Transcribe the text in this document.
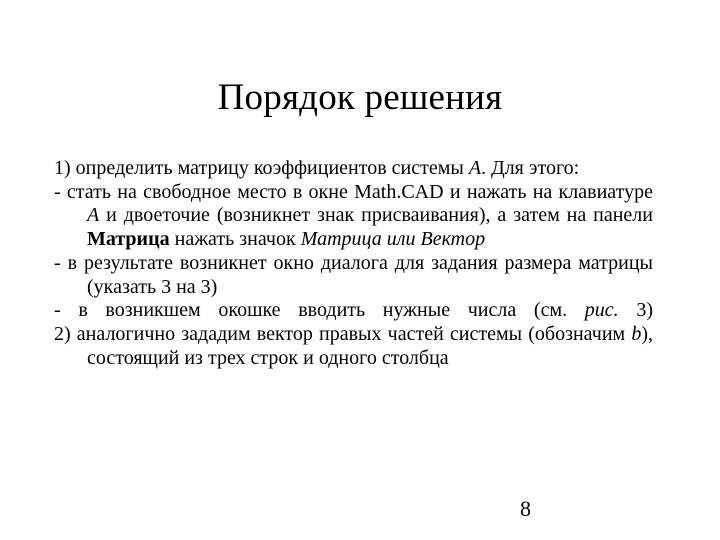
Порядок решения

1) определить матрицу коэффициентов системы A. Для этого:

- стать на свободное место в окне Math.CAD и нажать на клавиатуре А и двоеточие (возникнет знак присваивания), а затем на панели Матрица нажать значок Матрица или Вектор

- в результате возникнет окно диалога для задания размера матрицы (указать 3 на 3)

- в возникшем окошке вводить нужные числа (см. рис. 3)

2) аналогично зададим вектор правых частей системы (обозначим b), состоящий из трех строк и одного столбца

8
